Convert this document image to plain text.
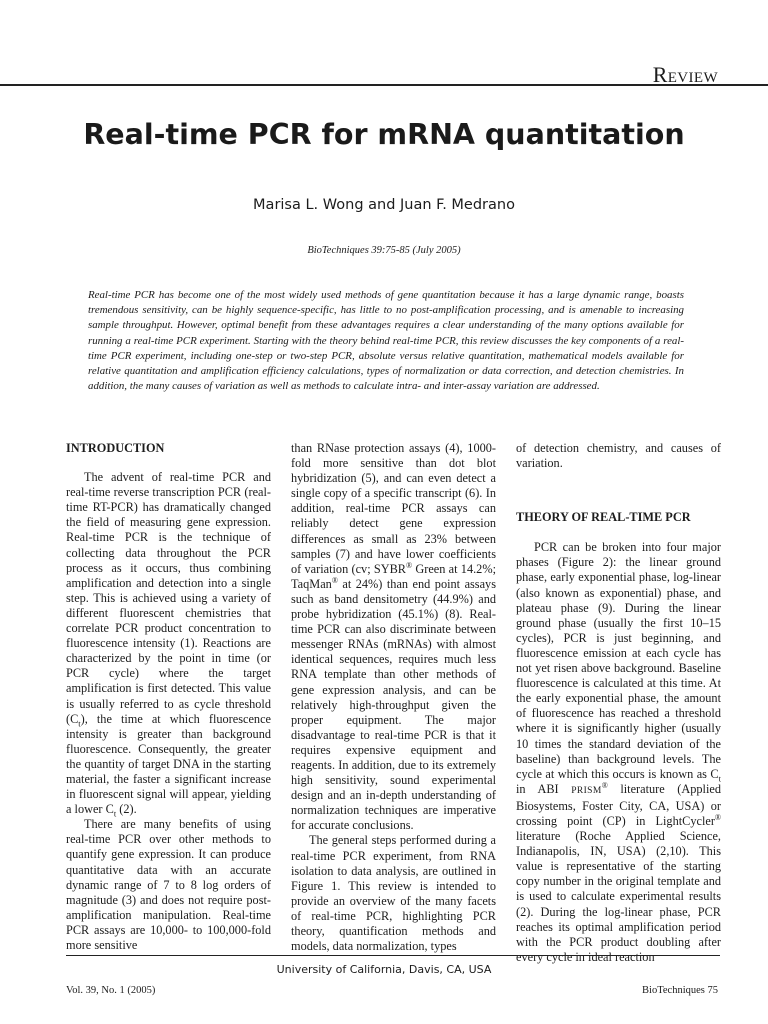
REVIEW
Real-time PCR for mRNA quantitation
Marisa L. Wong and Juan F. Medrano
BioTechniques 39:75-85 (July 2005)

Real-time PCR has become one of the most widely used methods of gene quantitation because it has a large dynamic range, boasts tremendous sensitivity, can be highly sequence-specific, has little to no post-amplification processing, and is amenable to increasing sample throughput. However, optimal benefit from these advantages requires a clear understanding of the many options available for running a real-time PCR experiment. Starting with the theory behind real-time PCR, this review discusses the key components of a real-time PCR experiment, including one-step or two-step PCR, absolute versus relative quantitation, mathematical models available for relative quantitation and amplification efficiency calculations, types of normalization or data correction, and detection chemistries. In addition, the many causes of variation as well as methods to calculate intra- and inter-assay variation are addressed.

INTRODUCTION

The advent of real-time PCR and real-time reverse transcription PCR (real-time RT-PCR) has dramatically changed the field of measuring gene expression. Real-time PCR is the technique of collecting data throughout the PCR process as it occurs, thus combining amplification and detection into a single step. This is achieved using a variety of different fluorescent chemistries that correlate PCR product concentration to fluorescence intensity (1). Reactions are characterized by the point in time (or PCR cycle) where the target amplification is first detected. This value is usually referred to as cycle threshold $(C_t)$, the time at which fluorescence intensity is greater than background fluorescence. Consequently, the greater the quantity of target DNA in the starting material, the faster a significant increase in fluorescent signal will appear, yielding a lower $C_t$ (2).

There are many benefits of using real-time PCR over other methods to quantify gene expression. It can produce quantitative data with an accurate dynamic range of 7 to 8 log orders of magnitude (3) and does not require post-amplification manipulation. Real-time PCR assays are 10,000- to 100,000-fold more sensitive

than RNase protection assays (4), 1000-fold more sensitive than dot blot hybridization (5), and can even detect a single copy of a specific transcript (6). In addition, real-time PCR assays can reliably detect gene expression differences as small as 23% between samples (7) and have lower coefficients of variation (cv; SYBR® Green at 14.2%; TaqMan® at 24%) than end point assays such as band densitometry (44.9%) and probe hybridization (45.1%) (8). Real-time PCR can also discriminate between messenger RNAs (mRNAs) with almost identical sequences, requires much less RNA template than other methods of gene expression analysis, and can be relatively high-throughput given the proper equipment. The major disadvantage to real-time PCR is that it requires expensive equipment and reagents. In addition, due to its extremely high sensitivity, sound experimental design and an in-depth understanding of normalization techniques are imperative for accurate conclusions.

The general steps performed during a real-time PCR experiment, from RNA isolation to data analysis, are outlined in Figure 1. This review is intended to provide an overview of the many facets of real-time PCR, highlighting PCR theory, quantification methods and models, data normalization, types

of detection chemistry, and causes of variation.

THEORY OF REAL-TIME PCR

PCR can be broken into four major phases (Figure 2): the linear ground phase, early exponential phase, log-linear (also known as exponential) phase, and plateau phase (9). During the linear ground phase (usually the first 10–15 cycles), PCR is just beginning, and fluorescence emission at each cycle has not yet risen above background. Baseline fluorescence is calculated at this time. At the early exponential phase, the amount of fluorescence has reached a threshold where it is significantly higher (usually 10 times the standard deviation of the baseline) than background levels. The cycle at which this occurs is known as $C_t$ in ABI PRISM® literature (Applied Biosystems, Foster City, CA, USA) or crossing point (CP) in LightCycler® literature (Roche Applied Science, Indianapolis, IN, USA) (2,10). This value is representative of the starting copy number in the original template and is used to calculate experimental results (2). During the log-linear phase, PCR reaches its optimal amplification period with the PCR product doubling after every cycle in ideal reaction

University of California, Davis, CA, USA
Vol. 39, No. 1 (2005)	BioTechniques 75
